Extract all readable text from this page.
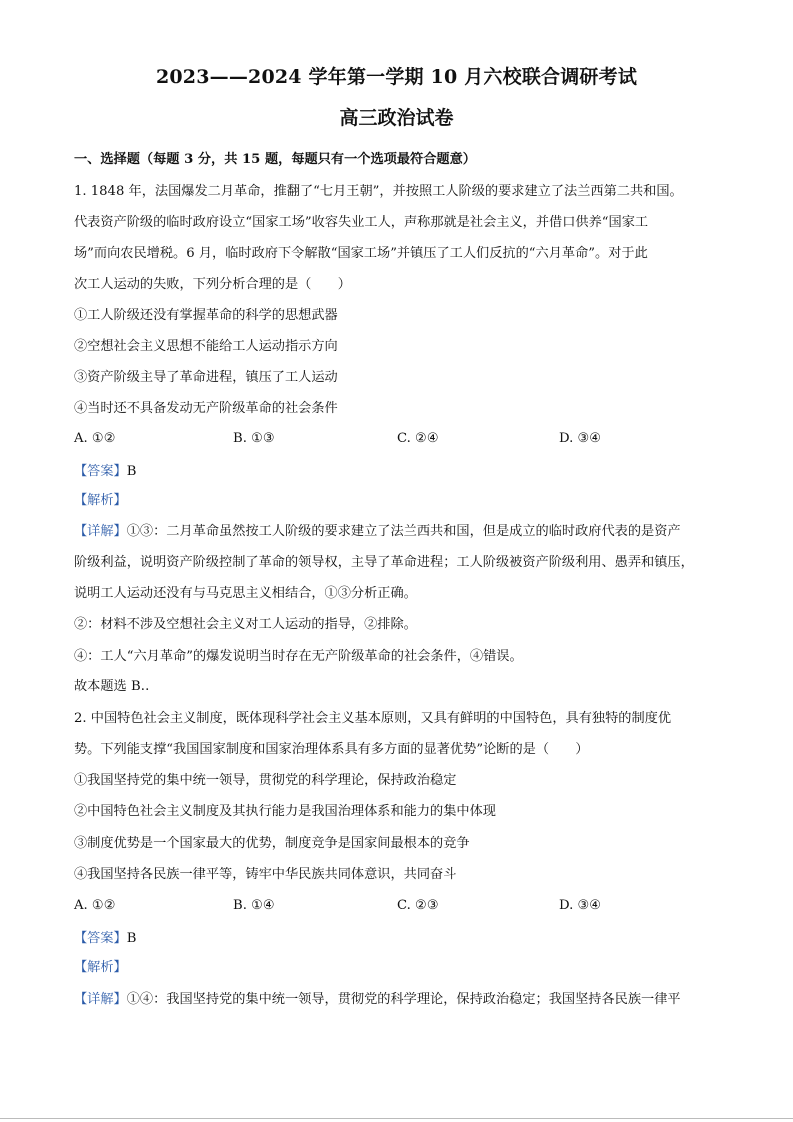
2023——2024 学年第一学期 10 月六校联合调研考试
高三政治试卷
一、选择题（每题 3 分，共 15 题，每题只有一个选项最符合题意）
1. 1848 年，法国爆发二月革命，推翻了“七月王朝”，并按照工人阶级的要求建立了法兰西第二共和国。
代表资产阶级的临时政府设立“国家工场”收容失业工人，声称那就是社会主义，并借口供养“国家工
场”而向农民增税。6 月，临时政府下令解散“国家工场”并镇压了工人们反抗的“六月革命”。对于此
次工人运动的失败，下列分析合理的是（　　）
①工人阶级还没有掌握革命的科学的思想武器
②空想社会主义思想不能给工人运动指示方向
③资产阶级主导了革命进程，镇压了工人运动
④当时还不具备发动无产阶级革命的社会条件
A. ①②	B. ①③	C. ②④	D. ③④
【答案】B
【解析】
【详解】①③：二月革命虽然按工人阶级的要求建立了法兰西共和国，但是成立的临时政府代表的是资产
阶级利益，说明资产阶级控制了革命的领导权，主导了革命进程；工人阶级被资产阶级利用、愚弄和镇压，
说明工人运动还没有与马克思主义相结合，①③分析正确。
②：材料不涉及空想社会主义对工人运动的指导，②排除。
④：工人“六月革命”的爆发说明当时存在无产阶级革命的社会条件，④错误。
故本题选 B‥
2. 中国特色社会主义制度，既体现科学社会主义基本原则，又具有鲜明的中国特色，具有独特的制度优
势。下列能支撑“我国国家制度和国家治理体系具有多方面的显著优势”论断的是（　　）
①我国坚持党的集中统一领导，贯彻党的科学理论，保持政治稳定
②中国特色社会主义制度及其执行能力是我国治理体系和能力的集中体现
③制度优势是一个国家最大的优势，制度竞争是国家间最根本的竞争
④我国坚持各民族一律平等，铸牢中华民族共同体意识，共同奋斗
A. ①②	B. ①④	C. ②③	D. ③④
【答案】B
【解析】
【详解】①④：我国坚持党的集中统一领导，贯彻党的科学理论，保持政治稳定；我国坚持各民族一律平
